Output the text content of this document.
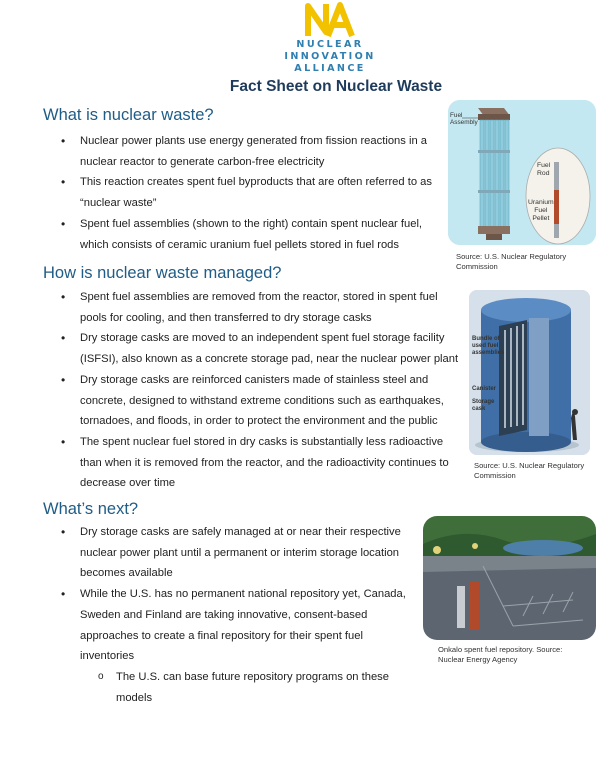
NUCLEAR
INNOVATION
ALLIANCE
Fact Sheet on Nuclear Waste
What is nuclear waste?
• Nuclear power plants use energy generated from fission reactions in a nuclear reactor to generate carbon-free electricity
• This reaction creates spent fuel byproducts that are often referred to as “nuclear waste”
• Spent fuel assemblies (shown to the right) contain spent nuclear fuel, which consists of ceramic uranium fuel pellets stored in fuel rods
Fuel
Assembly
Fuel
Rod
Uranium
Fuel
Pellet
Source: U.S. Nuclear Regulatory Commission
How is nuclear waste managed?
• Spent fuel assemblies are removed from the reactor, stored in spent fuel pools for cooling, and then transferred to dry storage casks
• Dry storage casks are moved to an independent spent fuel storage facility (ISFSI), also known as a concrete storage pad, near the nuclear power plant
• Dry storage casks are reinforced canisters made of stainless steel and concrete, designed to withstand extreme conditions such as earthquakes, tornadoes, and floods, in order to protect the environment and the public
• The spent nuclear fuel stored in dry casks is substantially less radioactive than when it is removed from the reactor, and the radioactivity continues to decrease over time
Bundle of
used fuel
assemblies
Canister
Storage
cask
Source: U.S. Nuclear Regulatory Commission
What’s next?
• Dry storage casks are safely managed at or near their respective nuclear power plant until a permanent or interim storage location becomes available
• While the U.S. has no permanent national repository yet, Canada, Sweden and Finland are taking innovative, consent-based approaches to create a final repository for their spent fuel inventories
o The U.S. can base future repository programs on these models
Onkalo spent fuel repository. Source: Nuclear Energy Agency
